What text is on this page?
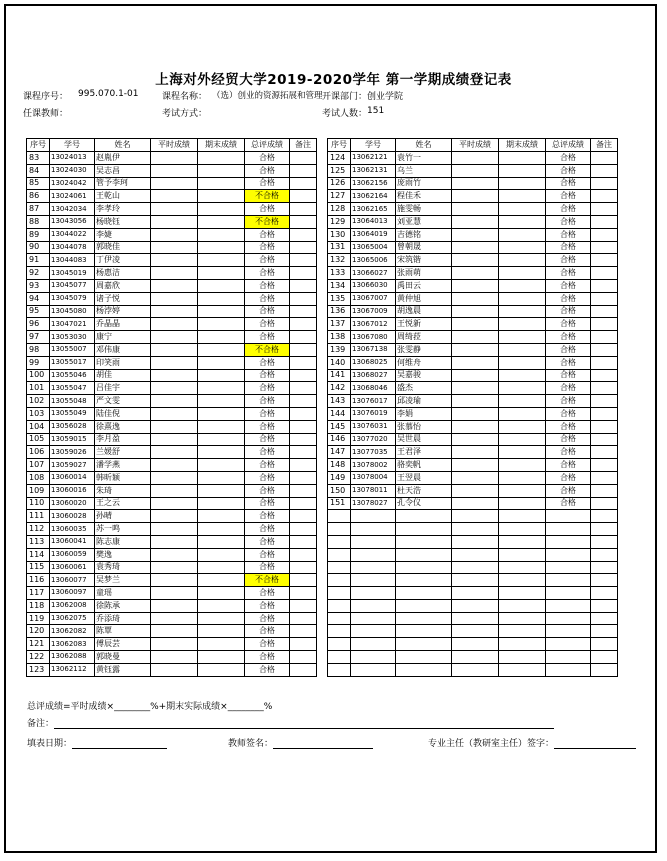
上海对外经贸大学2019-2020学年 第一学期成绩登记表
课程序号： 995.070.1-01	课程名称： （选）创业的资源拓展和管理 开课部门： 创业学院
任课教师：	考试方式：	考试人数： 151
序号	学号	姓名	平时成绩	期末成绩	总评成绩	备注
83	13024013	赵胤伊			合格	
84	13024030	吴志昌			合格	
85	13024042	管予李珂			合格	
86	13024061	王乾山			不合格	
87	13042034	李孝玲			合格	
88	13043056	杨晓钰			不合格	
89	13044022	李婕			合格	
90	13044078	郭晓佳			合格	
91	13044083	丁伊凌			合格	
92	13045019	杨惠洁			合格	
93	13045077	周嘉欣			合格	
94	13045079	诸子悦			合格	
95	13045080	杨浡婷			合格	
96	13047021	乔晶晶			合格	
97	13053030	康宁			合格	
98	13055007	邓伟康			不合格	
99	13055017	印笑雨			合格	
100	13055046	胡佳			合格	
101	13055047	吕佳宇			合格	
102	13055048	严文雯			合格	
103	13055049	陆佳倪			合格	
104	13056028	徐熹逸			合格	
105	13059015	李月盈			合格	
106	13059026	兰媛舒			合格	
107	13059027	潘学燕			合格	
108	13060014	韩昕颖			合格	
109	13060016	朱琦			合格	
110	13060020	王之云			合格	
111	13060028	孙晴			合格	
112	13060035	苏一鸣			合格	
113	13060041	陈志康			合格	
114	13060059	樊逸			合格	
115	13060061	袁秀琦			合格	
116	13060077	吴梦兰			不合格	
117	13060097	童瑶			合格	
118	13062008	徐陈承			合格	
119	13062075	乔添琦			合格	
120	13062082	陈覃			合格	
121	13062083	傅辰芸			合格	
122	13062088	郭晓曼			合格	
123	13062112	黄钰露			合格	
序号	学号	姓名	平时成绩	期末成绩	总评成绩	备注
124	13062121	袁竹一			合格	
125	13062131	乌兰			合格	
126	13062156	庞雨竹			合格	
127	13062164	程佳禾			合格	
128	13062165	施雯畅			合格	
129	13064013	刘亚慧			合格	
130	13064019	吉德铭			合格	
131	13065004	曾朝晟			合格	
132	13065006	宋筑锴			合格	
133	13066027	张雨萌			合格	
134	13066030	禹田云			合格	
135	13067007	黄仲旭			合格	
136	13067009	胡逸晨			合格	
137	13067012	王悦新			合格	
138	13067080	周绮菈			合格	
139	13067138	张雯静			合格	
140	13068025	何维舟			合格	
141	13068027	吴嘉骏			合格	
142	13068046	盛杰			合格	
143	13076017	邱凌瑜			合格	
144	13076019	李娟			合格	
145	13076031	张慕怡			合格	
146	13077020	吴世晨			合格	
147	13077035	王君泽			合格	
148	13078002	骆奕帆			合格	
149	13078004	王翌晨			合格	
150	13078011	杜天浩			合格	
151	13078027	孔令仪			合格	

总评成绩=平时成绩×________%+期末实际成绩×________%
备注：
填表日期：	教师签名：	专业主任（教研室主任）签字：
